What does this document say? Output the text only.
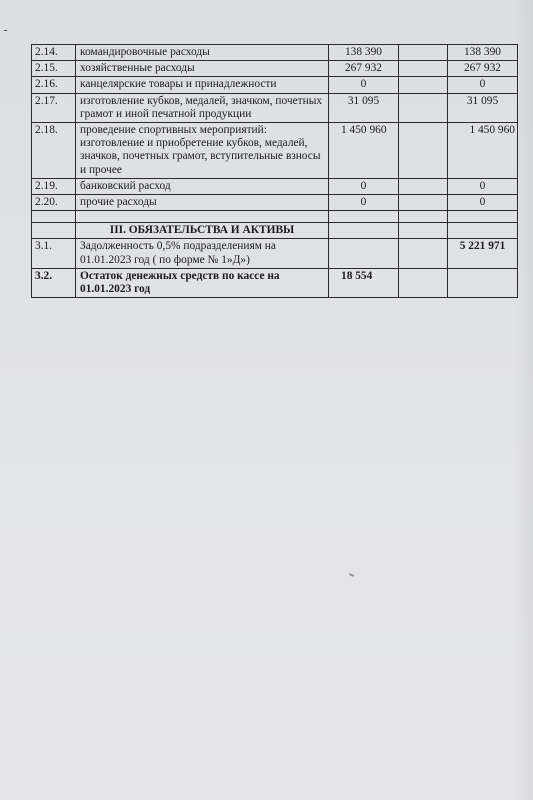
2.14.	командировочные расходы	138 390		138 390
2.15.	хозяйственные расходы	267 932		267 932
2.16.	канцелярские товары и принадлежности	0		0
2.17.	изготовление кубков, медалей, значком, почетных грамот и иной печатной продукции	31 095		31 095
2.18.	проведение спортивных мероприятий: изготовление и приобретение кубков, медалей, значков, почетных грамот, вступительные взносы и прочее	1 450 960		1 450 960
2.19.	банковский расход	0		0
2.20.	прочие расходы	0		0

	III. ОБЯЗАТЕЛЬСТВА И АКТИВЫ			
3.1.	Задолженность 0,5% подразделениям на 01.01.2023 год ( по форме № 1»Д»)			5 221 971
3.2.	Остаток денежных средств по кассе на 01.01.2023 год	18 554		
